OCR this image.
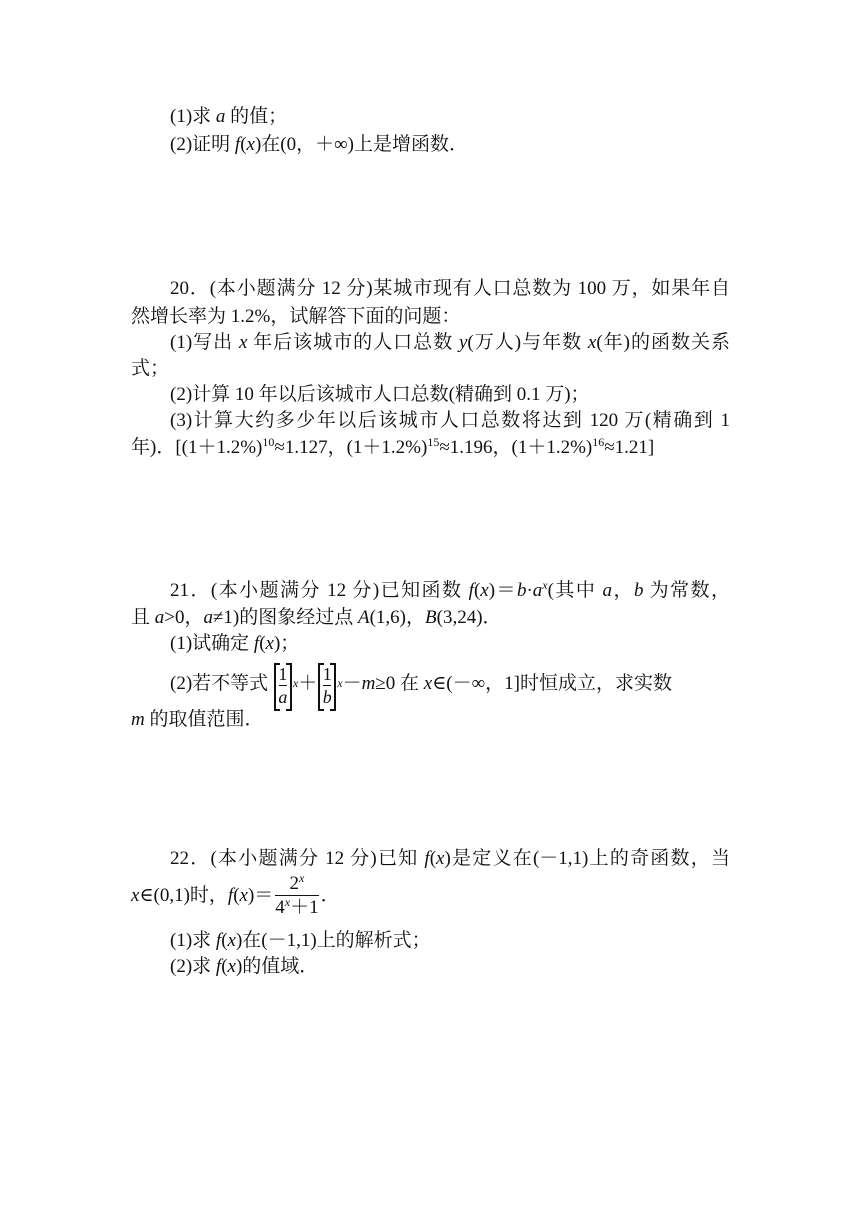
(1)求 a 的值；
(2)证明 f(x)在(0，＋∞)上是增函数．
20．(本小题满分 12 分)某城市现有人口总数为 100 万，如果年自
然增长率为 1.2%，试解答下面的问题：
(1)写出 x 年后该城市的人口总数 y(万人)与年数 x(年)的函数关系
式；
(2)计算 10 年以后该城市人口总数(精确到 0.1 万)；
(3)计算大约多少年以后该城市人口总数将达到 120 万(精确到 1
年)．[$(1+1.2\%)^{10}\approx 1.127$，$(1+1.2\%)^{15}\approx 1.196$，$(1+1.2\%)^{16}\approx 1.21$]
21．(本小题满分 12 分)已知函数 $f(x)=b\cdot a^x$(其中 a，b 为常数，
且 a>0，a≠1)的图象经过点 A(1,6)，B(3,24)．
(1)试确定 f(x)；
(2)若不等式 $\frac{1}{a} x+ \frac{1}{b} x-m\ge 0$ 在 x∈(－∞，1]时恒成立，求实数
m 的取值范围．
22．(本小题满分 12 分)已知 f(x)是定义在(－1,1)上的奇函数，当
x∈(0,1)时，$f(x)= \frac{2^x}{4^x+1}$ ．
(1)求 f(x)在(－1,1)上的解析式；
(2)求 f(x)的值域．
